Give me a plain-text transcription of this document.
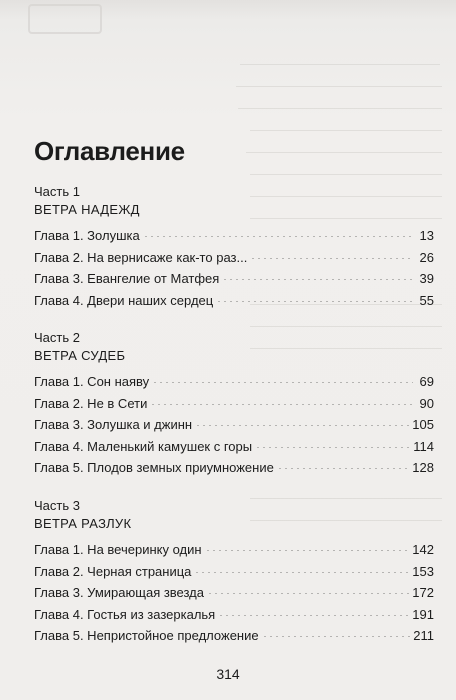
Оглавление

Часть 1

ВЕТРА НАДЕЖД

Глава 1. Золушка	13
Глава 2. На вернисаже как-то раз...	26
Глава 3. Евангелие от Матфея	39
Глава 4. Двери наших сердец	55

Часть 2

ВЕТРА СУДЕБ

Глава 1. Сон наяву	69
Глава 2. Не в Сети	90
Глава 3. Золушка и джинн	105
Глава 4. Маленький камушек с горы	114
Глава 5. Плодов земных приумножение	128

Часть 3

ВЕТРА РАЗЛУК

Глава 1. На вечеринку один	142
Глава 2. Черная страница	153
Глава 3. Умирающая звезда	172
Глава 4. Гостья из зазеркалья	191
Глава 5. Непристойное предложение	211
314
